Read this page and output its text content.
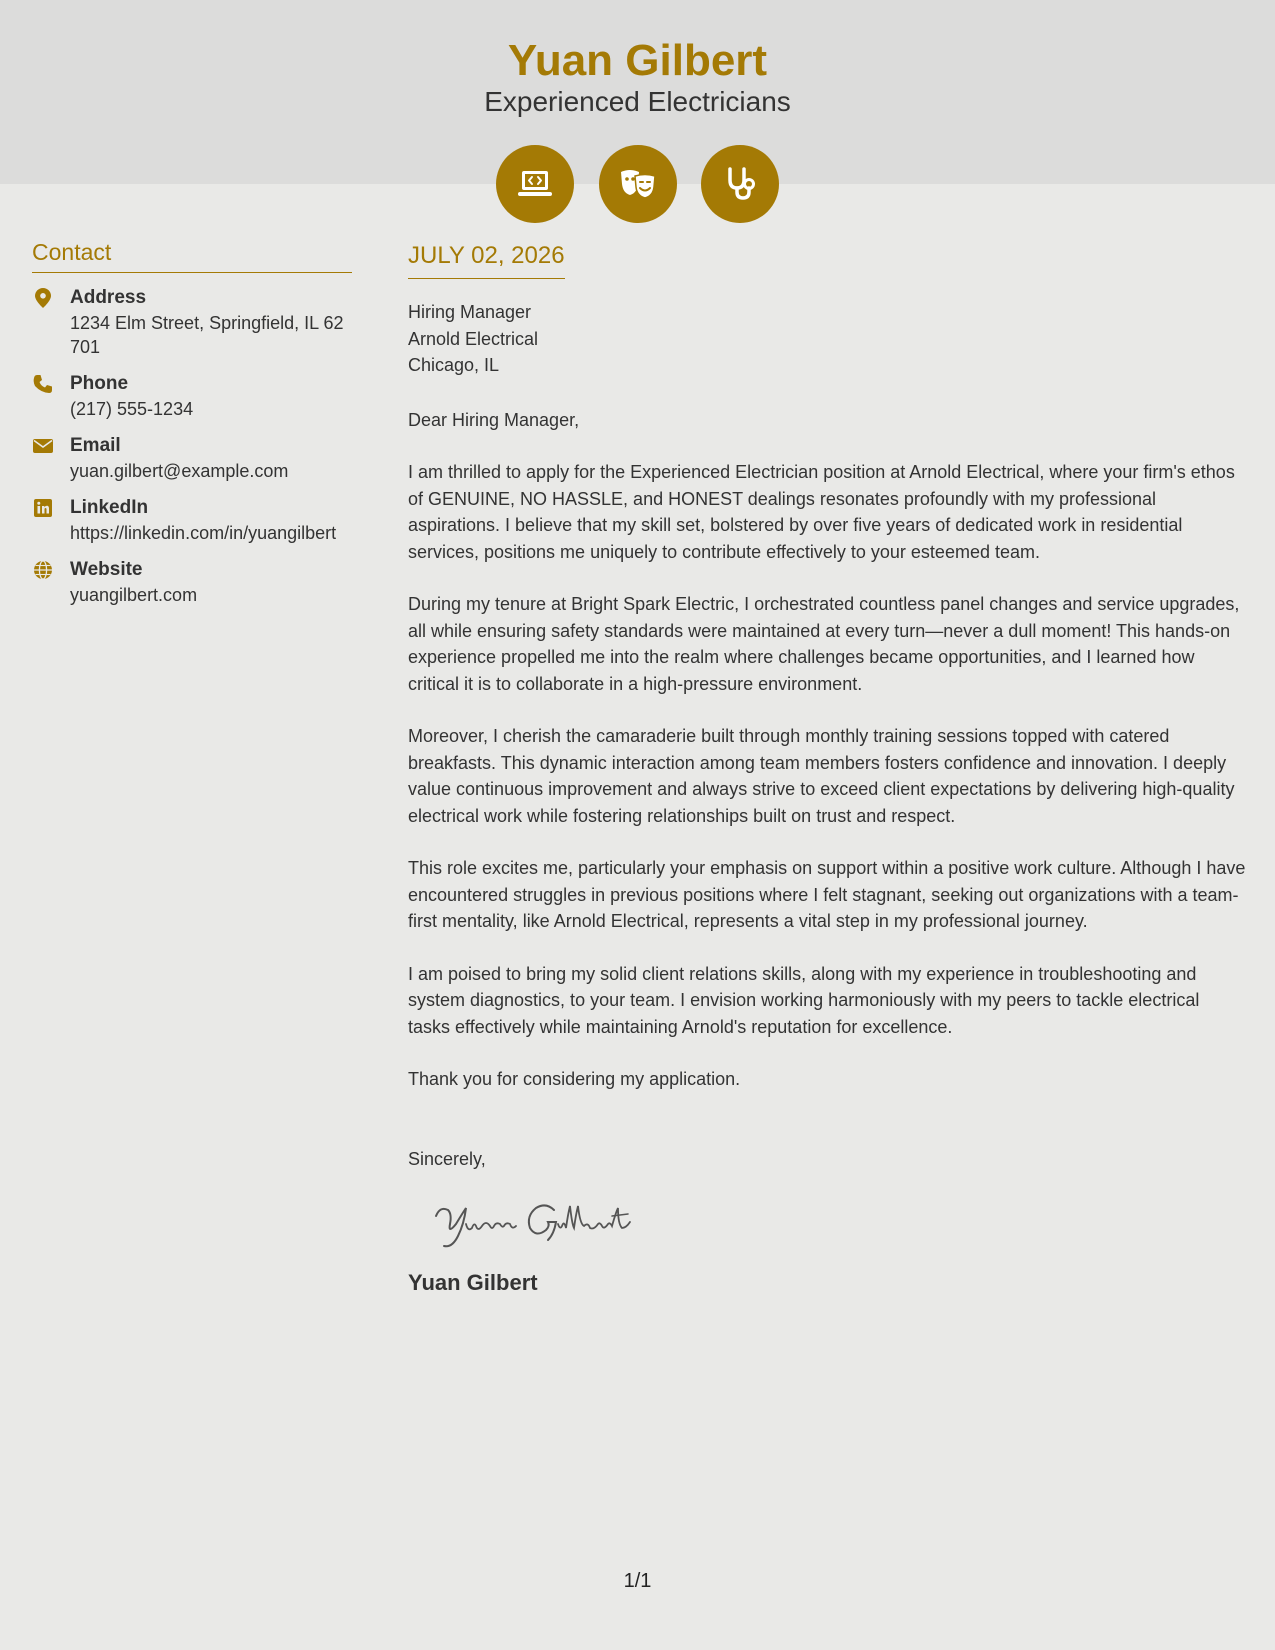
Yuan Gilbert
Experienced Electricians
Contact
Address
1234 Elm Street, Springfield, IL 62701
Phone
(217) 555-1234
Email
yuan.gilbert@example.com
LinkedIn
https://linkedin.com/in/yuangilbert
Website
yuangilbert.com
JULY 02, 2026
Hiring Manager
Arnold Electrical
Chicago, IL
Dear Hiring Manager,
I am thrilled to apply for the Experienced Electrician position at Arnold Electrical, where your firm's ethos of GENUINE, NO HASSLE, and HONEST dealings resonates profoundly with my professional aspirations. I believe that my skill set, bolstered by over five years of dedicated work in residential services, positions me uniquely to contribute effectively to your esteemed team.
During my tenure at Bright Spark Electric, I orchestrated countless panel changes and service upgrades, all while ensuring safety standards were maintained at every turn—never a dull moment! This hands-on experience propelled me into the realm where challenges became opportunities, and I learned how critical it is to collaborate in a high-pressure environment.
Moreover, I cherish the camaraderie built through monthly training sessions topped with catered breakfasts. This dynamic interaction among team members fosters confidence and innovation. I deeply value continuous improvement and always strive to exceed client expectations by delivering high-quality electrical work while fostering relationships built on trust and respect.
This role excites me, particularly your emphasis on support within a positive work culture. Although I have encountered struggles in previous positions where I felt stagnant, seeking out organizations with a team-first mentality, like Arnold Electrical, represents a vital step in my professional journey.
I am poised to bring my solid client relations skills, along with my experience in troubleshooting and system diagnostics, to your team. I envision working harmoniously with my peers to tackle electrical tasks effectively while maintaining Arnold's reputation for excellence.
Thank you for considering my application.
Sincerely,
Yuan Gilbert
1/1
